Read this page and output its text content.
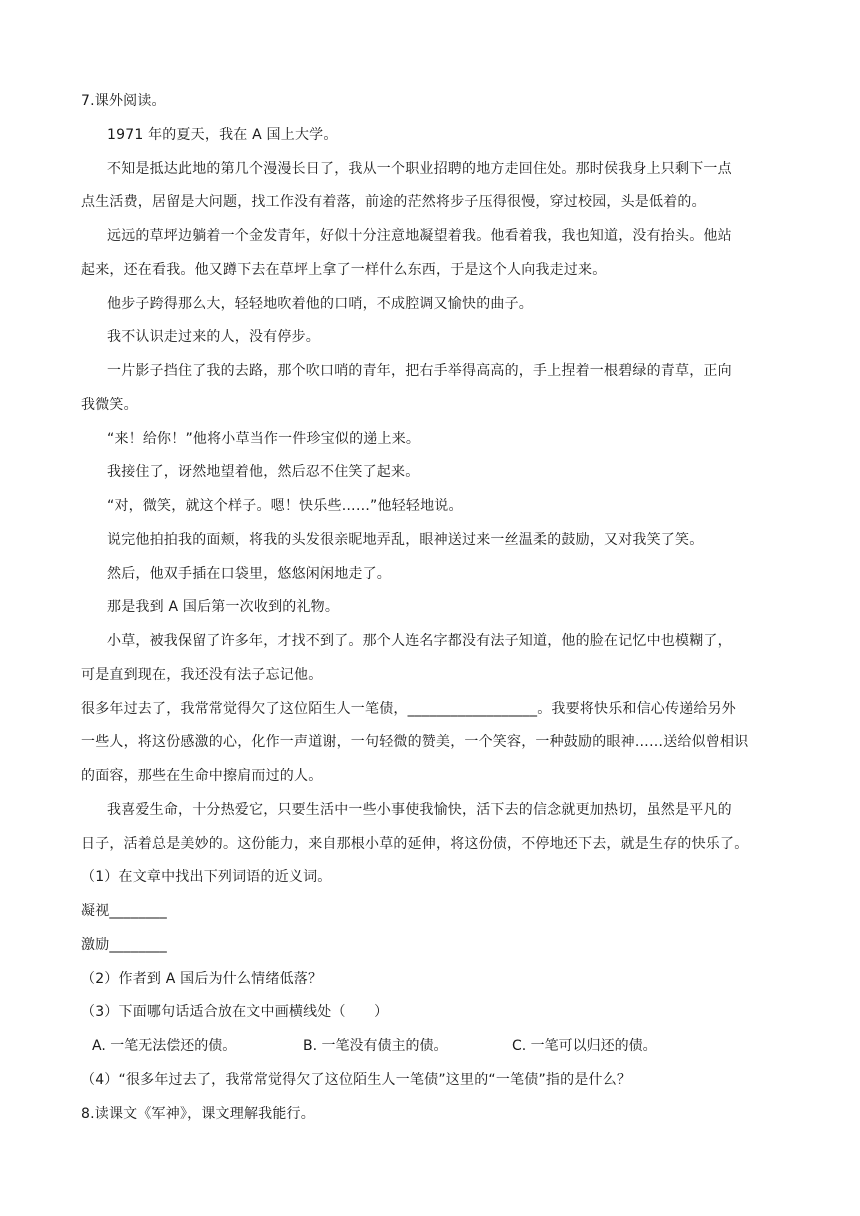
7.课外阅读。
1971 年的夏天，我在 A 国上大学。
不知是抵达此地的第几个漫漫长日了，我从一个职业招聘的地方走回住处。那时侯我身上只剩下一点
点生活费，居留是大问题，找工作没有着落，前途的茫然将步子压得很慢，穿过校园，头是低着的。
远远的草坪边躺着一个金发青年，好似十分注意地凝望着我。他看着我，我也知道，没有抬头。他站
起来，还在看我。他又蹲下去在草坪上拿了一样什么东西，于是这个人向我走过来。
他步子跨得那么大，轻轻地吹着他的口哨，不成腔调又愉快的曲子。
我不认识走过来的人，没有停步。
一片影子挡住了我的去路，那个吹口哨的青年，把右手举得高高的，手上捏着一根碧绿的青草，正向
我微笑。
“来！给你！”他将小草当作一件珍宝似的递上来。
我接住了，讶然地望着他，然后忍不住笑了起来。
“对，微笑，就这个样子。嗯！快乐些……”他轻轻地说。
说完他拍拍我的面颊，将我的头发很亲昵地弄乱，眼神送过来一丝温柔的鼓励，又对我笑了笑。
然后，他双手插在口袋里，悠悠闲闲地走了。
那是我到 A 国后第一次收到的礼物。
小草，被我保留了许多年，才找不到了。那个人连名字都没有法子知道，他的脸在记忆中也模糊了，
可是直到现在，我还没有法子忘记他。
很多年过去了，我常常觉得欠了这位陌生人一笔债，__________________。我要将快乐和信心传递给另外
一些人，将这份感激的心，化作一声道谢，一句轻微的赞美，一个笑容，一种鼓励的眼神……送给似曾相识
的面容，那些在生命中擦肩而过的人。
我喜爱生命，十分热爱它，只要生活中一些小事使我愉快，活下去的信念就更加热切，虽然是平凡的
日子，活着总是美妙的。这份能力，来自那根小草的延伸，将这份债，不停地还下去，就是生存的快乐了。
（1）在文章中找出下列词语的近义词。
凝视________
激励________
（2）作者到 A 国后为什么情绪低落？
（3）下面哪句话适合放在文中画横线处（　　）
A. 一笔无法偿还的债。	B. 一笔没有债主的债。	C. 一笔可以归还的债。
（4）“很多年过去了，我常常觉得欠了这位陌生人一笔债”这里的“一笔债”指的是什么？
8.读课文《军神》，课文理解我能行。
